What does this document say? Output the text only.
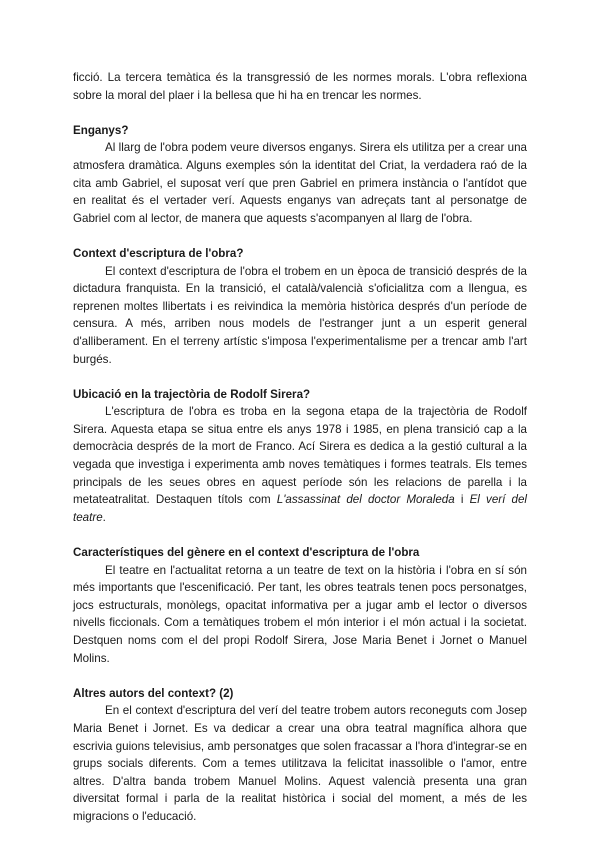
ficció. La tercera temàtica és la transgressió de les normes morals. L'obra reflexiona sobre la moral del plaer i la bellesa que hi ha en trencar les normes.

Enganys?

Al llarg de l'obra podem veure diversos enganys. Sirera els utilitza per a crear una atmosfera dramàtica. Alguns exemples són la identitat del Criat, la verdadera raó de la cita amb Gabriel, el suposat verí que pren Gabriel en primera instància o l'antídot que en realitat és el vertader verí. Aquests enganys van adreçats tant al personatge de Gabriel com al lector, de manera que aquests s'acompanyen al llarg de l'obra.

Context d'escriptura de l'obra?

El context d'escriptura de l'obra el trobem en un època de transició després de la dictadura franquista. En la transició, el català/valencià s'oficialitza com a llengua, es reprenen moltes llibertats i es reivindica la memòria històrica després d'un període de censura. A més, arriben nous models de l'estranger junt a un esperit general d'alliberament. En el terreny artístic s'imposa l'experimentalisme per a trencar amb l'art burgés.

Ubicació en la trajectòria de Rodolf Sirera?

L'escriptura de l'obra es troba en la segona etapa de la trajectòria de Rodolf Sirera. Aquesta etapa se situa entre els anys 1978 i 1985, en plena transició cap a la democràcia després de la mort de Franco. Ací Sirera es dedica a la gestió cultural a la vegada que investiga i experimenta amb noves temàtiques i formes teatrals. Els temes principals de les seues obres en aquest període són les relacions de parella i la metateatralitat. Destaquen títols com L'assassinat del doctor Moraleda i El verí del teatre.

Característiques del gènere en el context d'escriptura de l'obra

El teatre en l'actualitat retorna a un teatre de text on la història i l'obra en sí són més importants que l'escenificació. Per tant, les obres teatrals tenen pocs personatges, jocs estructurals, monòlegs, opacitat informativa per a jugar amb el lector o diversos nivells ficcionals. Com a temàtiques trobem el món interior i el món actual i la societat. Destquen noms com el del propi Rodolf Sirera, Jose Maria Benet i Jornet o Manuel Molins.

Altres autors del context? (2)

En el context d'escriptura del verí del teatre trobem autors reconeguts com Josep Maria Benet i Jornet. Es va dedicar a crear una obra teatral magnífica alhora que escrivia guions televisius, amb personatges que solen fracassar a l'hora d'integrar-se en grups socials diferents. Com a temes utilitzava la felicitat inassolible o l'amor, entre altres. D'altra banda trobem Manuel Molins. Aquest valencià presenta una gran diversitat formal i parla de la realitat històrica i social del moment, a més de les migracions o l'educació.
